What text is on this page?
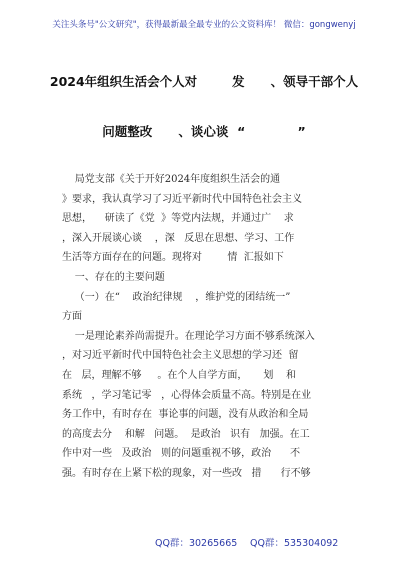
关注头条号"公文研究"，获得最新最全最专业的公文资料库！ 微信：gongwenyj
2024年组织生活会个人对        发      、领导干部个人
问题整改      、谈心谈  “            ”
局党支部《关于开好2024年度组织生活会的通
》要求，我认真学习了习近平新时代中国特色社会主义
思想，    研读了《党  》等党内法规，并通过广    求
，深入开展谈心谈    ，深   反思在思想、学习、工作
生活等方面存在的问题。现将对        情  汇报如下
一、存在的主要问题
（一）在“    政治纪律规    ，维护党的团结统一”
方面
一是理论素养尚需提升。在理论学习方面不够系统深入
，对习近平新时代中国特色社会主义思想的学习还  留
在   层，理解不够     。在个人自学方面，     划    和
系统   ，学习笔记零   ，心得体会质量不高。特别是在业
务工作中，有时存在  事论事的问题，没有从政治和全局
的高度去分    和解   问题。  是政治   识有   加强。在工
作中对一些   及政治   则的问题重视不够，政治      不
强。有时存在上紧下松的现象，对一些改   措      行不够
QQ群：30265665 QQ群：535304092
